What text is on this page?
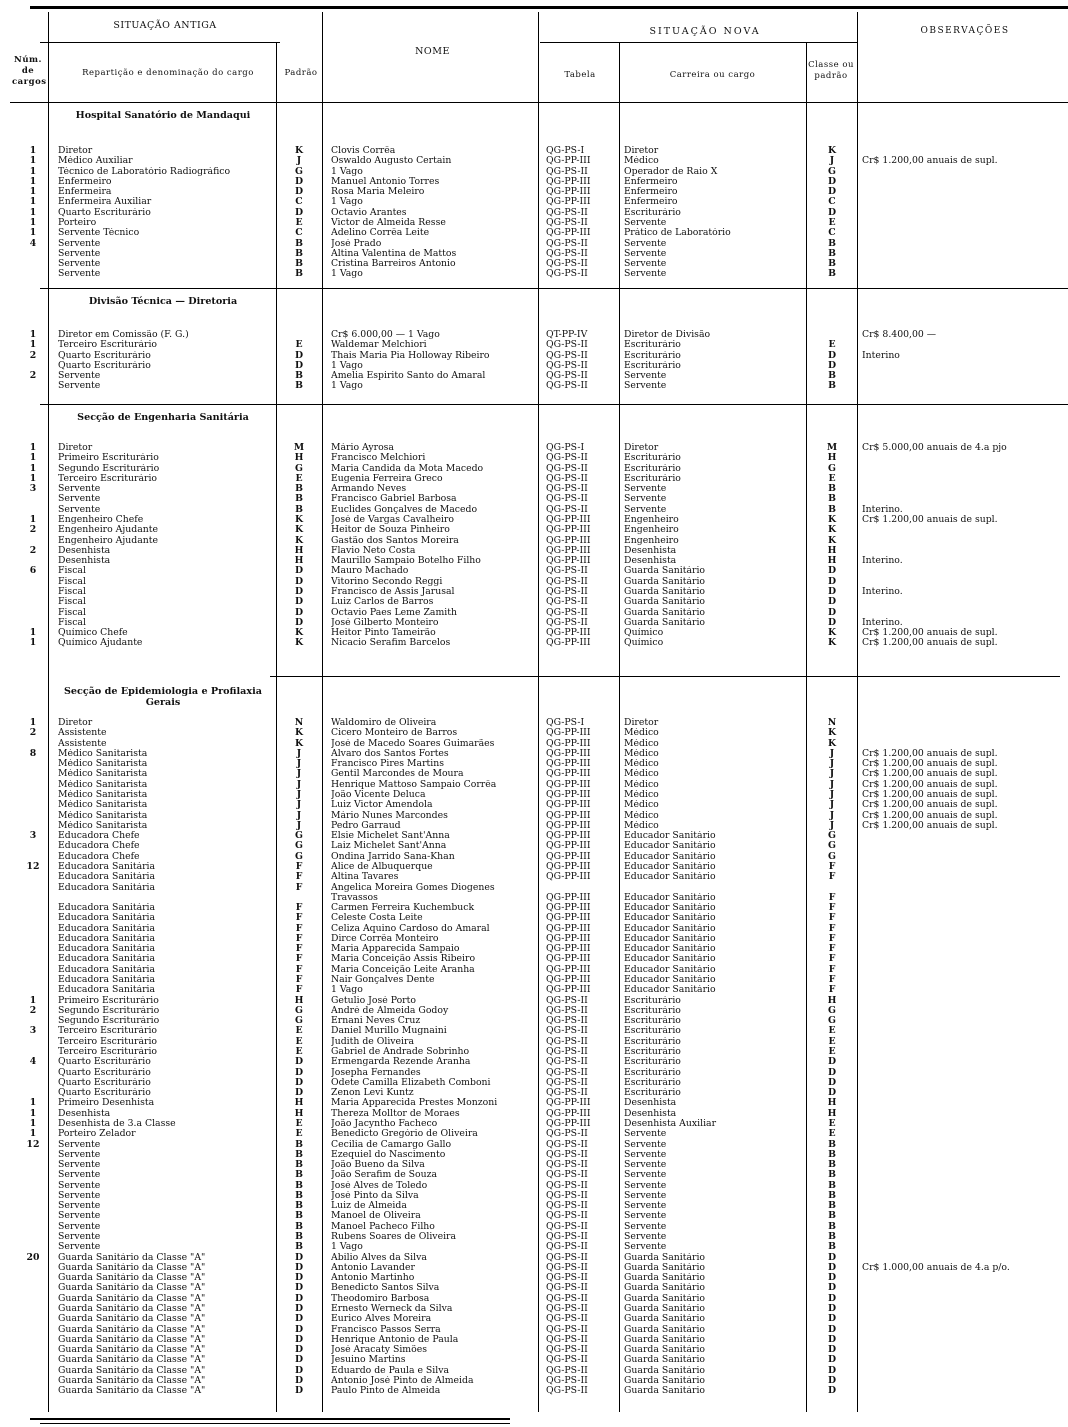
SITUAÇÃO ANTIGA
SITUAÇÃO NOVA	OBSERVAÇÕES
Núm. de cargos
Repartição e denominação do cargo	Padrão
NOME
Tabela	Carreira ou cargo
Classe ou padrão
Hospital Sanatório de Mandaqui
1	Diretor	K	Clovis Corrêa	QG-PS-I	Diretor	K
1	Médico Auxiliar	J	Oswaldo Augusto Certain	QG-PP-III	Médico	J	Cr$ 1.200,00 anuais de supl.
1	Técnico de Laboratório Radiográfico	G	1 Vago	QG-PS-II	Operador de Raio X	G
1	Enfermeiro	D	Manuel Antonio Torres	QG-PP-III	Enfermeiro	D
1	Enfermeira	D	Rosa Maria Meleiro	QG-PP-III	Enfermeiro	D
1	Enfermeira Auxiliar	C	1 Vago	QG-PP-III	Enfermeiro	C
1	Quarto Escriturário	D	Octavio Arantes	QG-PS-II	Escriturário	D
1	Porteiro	E	Victor de Almeida Resse	QG-PS-II	Servente	E
1	Servente Técnico	C	Adelino Corrêa Leite	QG-PP-III	Prático de Laboratório	C
4	Servente	B	José Prado	QG-PS-II	Servente	B
Servente	B	Altina Valentina de Mattos	QG-PS-II	Servente	B
Servente	B	Cristina Barreiros Antonio	QG-PS-II	Servente	B
Servente	B	1 Vago	QG-PS-II	Servente	B
Divisão Técnica — Diretoria
1	Diretor em Comissão (F. G.)	Cr$ 6.000,00 — 1 Vago	QT-PP-IV	Diretor de Divisão	Cr$ 8.400,00 —
1	Terceiro Escriturário	E	Waldemar Melchiori	QG-PS-II	Escriturário	E
2	Quarto Escriturário	D	Thais Maria Pia Holloway Ribeiro	QG-PS-II	Escriturário	D	Interino
Quarto Escriturário	D	1 Vago	QG-PS-II	Escriturário	D
2	Servente	B	Amelia Espirito Santo do Amaral	QG-PS-II	Servente	B
Servente	B	1 Vago	QG-PS-II	Servente	B
Secção de Engenharia Sanitária
1	Diretor	M	Mário Ayrosa	QG-PS-I	Diretor	M	Cr$ 5.000,00 anuais de 4.a pjo
1	Primeiro Escriturário	H	Francisco Melchiori	QG-PS-II	Escriturário	H
1	Segundo Escriturário	G	Maria Candida da Mota Macedo	QG-PS-II	Escriturário	G
1	Terceiro Escriturário	E	Eugenia Ferreira Greco	QG-PS-II	Escriturário	E
3	Servente	B	Armando Neves	QG-PS-II	Servente	B
Servente	B	Francisco Gabriel Barbosa	QG-PS-II	Servente	B
Servente	B	Euclides Gonçalves de Macedo	QG-PS-II	Servente	B	Interino.
1	Engenheiro Chefe	K	José de Vargas Cavalheiro	QG-PP-III	Engenheiro	K	Cr$ 1.200,00 anuais de supl.
2	Engenheiro Ajudante	K	Heitor de Souza Pinheiro	QG-PP-III	Engenheiro	K
Engenheiro Ajudante	K	Gastão dos Santos Moreira	QG-PP-III	Engenheiro	K
2	Desenhista	H	Flavio Neto Costa	QG-PP-III	Desenhista	H
Desenhista	H	Maurillo Sampaio Botelho Filho	QG-PP-III	Desenhista	H	Interino.
6	Fiscal	D	Mauro Machado	QG-PS-II	Guarda Sanitário	D
Fiscal	D	Vitorino Secondo Reggi	QG-PS-II	Guarda Sanitário	D
Fiscal	D	Francisco de Assis Jarusal	QG-PS-II	Guarda Sanitário	D	Interino.
Fiscal	D	Luiz Carlos de Barros	QG-PS-II	Guarda Sanitário	D
Fiscal	D	Octavio Paes Leme Zamith	QG-PS-II	Guarda Sanitário	D
Fiscal	D	José Gilberto Monteiro	QG-PS-II	Guarda Sanitário	D	Interino.
1	Químico Chefe	K	Heitor Pinto Tameirão	QG-PP-III	Químico	K	Cr$ 1.200,00 anuais de supl.
1	Químico Ajudante	K	Nicacio Serafim Barcelos	QG-PP-III	Químico	K	Cr$ 1.200,00 anuais de supl.
Secção de Epidemiologia e Profilaxia Gerais
1	Diretor	N	Waldomiro de Oliveira	QG-PS-I	Diretor	N
2	Assistente	K	Cicero Monteiro de Barros	QG-PP-III	Médico	K
Assistente	K	José de Macedo Soares Guimarães	QG-PP-III	Médico	K
8	Médico Sanitarista	J	Alvaro dos Santos Fortes	QG-PP-III	Médico	J	Cr$ 1.200,00 anuais de supl.
Médico Sanitarista	J	Francisco Pires Martins	QG-PP-III	Médico	J	Cr$ 1.200,00 anuais de supl.
Médico Sanitarista	J	Gentil Marcondes de Moura	QG-PP-III	Médico	J	Cr$ 1.200,00 anuais de supl.
Médico Sanitarista	J	Henrique Mattoso Sampaio Corrêa	QG-PP-III	Médico	J	Cr$ 1.200,00 anuais de supl.
Médico Sanitarista	J	João Vicente Deluca	QG-PP-III	Médico	J	Cr$ 1.200,00 anuais de supl.
Médico Sanitarista	J	Luiz Victor Amendola	QG-PP-III	Médico	J	Cr$ 1.200,00 anuais de supl.
Médico Sanitarista	J	Mário Nunes Marcondes	QG-PP-III	Médico	J	Cr$ 1.200,00 anuais de supl.
Médico Sanitarista	J	Pedro Garraud	QG-PP-III	Médico	J	Cr$ 1.200,00 anuais de supl.
3	Educadora Chefe	G	Elsie Michelet Sant'Anna	QG-PP-III	Educador Sanitário	G
Educadora Chefe	G	Laiz Michelet Sant'Anna	QG-PP-III	Educador Sanitário	G
Educadora Chefe	G	Ondina Jarrido Sana-Khan	QG-PP-III	Educador Sanitário	G
12	Educadora Sanitária	F	Alice de Albuquerque	QG-PP-III	Educador Sanitário	F
Educadora Sanitária	F	Altina Tavares	QG-PP-III	Educador Sanitário	F
Educadora Sanitária	F	Angelica Moreira Gomes Diogenes
Travassos	QG-PP-III	Educador Sanitário	F
Educadora Sanitária	F	Carmen Ferreira Kuchembuck	QG-PP-III	Educador Sanitário	F
Educadora Sanitária	F	Celeste Costa Leite	QG-PP-III	Educador Sanitário	F
Educadora Sanitária	F	Celiza Aquino Cardoso do Amaral	QG-PP-III	Educador Sanitário	F
Educadora Sanitária	F	Dirce Corrêa Monteiro	QG-PP-III	Educador Sanitário	F
Educadora Sanitária	F	Maria Apparecida Sampaio	QG-PP-III	Educador Sanitário	F
Educadora Sanitária	F	Maria Conceição Assis Ribeiro	QG-PP-III	Educador Sanitário	F
Educadora Sanitária	F	Maria Conceição Leite Aranha	QG-PP-III	Educador Sanitário	F
Educadora Sanitária	F	Nair Gonçalves Dente	QG-PP-III	Educador Sanitário	F
Educadora Sanitária	F	1 Vago	QG-PP-III	Educador Sanitário	F
1	Primeiro Escriturário	H	Getulio José Porto	QG-PS-II	Escriturário	H
2	Segundo Escriturário	G	André de Almeida Godoy	QG-PS-II	Escriturário	G
Segundo Escriturário	G	Ernani Neves Cruz	QG-PS-II	Escriturário	G
3	Terceiro Escriturário	E	Daniel Murillo Mugnaini	QG-PS-II	Escriturário	E
Terceiro Escriturário	E	Judith de Oliveira	QG-PS-II	Escriturário	E
Terceiro Escriturário	E	Gabriel de Andrade Sobrinho	QG-PS-II	Escriturário	E
4	Quarto Escriturário	D	Ermengarda Rezende Aranha	QG-PS-II	Escriturário	D
Quarto Escriturário	D	Josepha Fernandes	QG-PS-II	Escriturário	D
Quarto Escriturário	D	Odete Camilla Elizabeth Comboni	QG-PS-II	Escriturário	D
Quarto Escriturário	D	Zenon Levi Kuntz	QG-PS-II	Escriturário	D
1	Primeiro Desenhista	H	Maria Apparecida Prestes Monzoni	QG-PP-III	Desenhista	H
1	Desenhista	H	Thereza Molltor de Moraes	QG-PP-III	Desenhista	H
1	Desenhista de 3.a Classe	E	João Jacyntho Facheco	QG-PP-III	Desenhista Auxiliar	E
1	Porteiro Zelador	E	Benedicto Gregório de Oliveira	QG-PS-II	Servente	E
12	Servente	B	Cecilia de Camargo Gallo	QG-PS-II	Servente	B
Servente	B	Ezequiel do Nascimento	QG-PS-II	Servente	B
Servente	B	João Bueno da Silva	QG-PS-II	Servente	B
Servente	B	João Serafim de Souza	QG-PS-II	Servente	B
Servente	B	José Alves de Toledo	QG-PS-II	Servente	B
Servente	B	José Pinto da Silva	QG-PS-II	Servente	B
Servente	B	Luiz de Almeida	QG-PS-II	Servente	B
Servente	B	Manoel de Oliveira	QG-PS-II	Servente	B
Servente	B	Manoel Pacheco Filho	QG-PS-II	Servente	B
Servente	B	Rubens Soares de Oliveira	QG-PS-II	Servente	B
Servente	B	1 Vago	QG-PS-II	Servente	B
20	Guarda Sanitário da Classe "A"	D	Abilio Alves da Silva	QG-PS-II	Guarda Sanitário	D
Guarda Sanitário da Classe "A"	D	Antonio Lavander	QG-PS-II	Guarda Sanitário	D	Cr$ 1.000,00 anuais de 4.a p/o.
Guarda Sanitário da Classe "A"	D	Antonio Martinho	QG-PS-II	Guarda Sanitário	D
Guarda Sanitário da Classe "A"	D	Benedicto Santos Silva	QG-PS-II	Guarda Sanitário	D
Guarda Sanitário da Classe "A"	D	Theodomiro Barbosa	QG-PS-II	Guarda Sanitário	D
Guarda Sanitário da Classe "A"	D	Ernesto Werneck da Silva	QG-PS-II	Guarda Sanitário	D
Guarda Sanitário da Classe "A"	D	Eurico Alves Moreira	QG-PS-II	Guarda Sanitário	D
Guarda Sanitário da Classe "A"	D	Francisco Passos Serra	QG-PS-II	Guarda Sanitário	D
Guarda Sanitário da Classe "A"	D	Henrique Antonio de Paula	QG-PS-II	Guarda Sanitário	D
Guarda Sanitário da Classe "A"	D	José Aracaty Simões	QG-PS-II	Guarda Sanitário	D
Guarda Sanitário da Classe "A"	D	Jesuino Martins	QG-PS-II	Guarda Sanitário	D
Guarda Sanitário da Classe "A"	D	Eduardo de Paula e Silva	QG-PS-II	Guarda Sanitário	D
Guarda Sanitário da Classe "A"	D	Antonio José Pinto de Almeida	QG-PS-II	Guarda Sanitário	D
Guarda Sanitário da Classe "A"	D	Paulo Pinto de Almeida	QG-PS-II	Guarda Sanitário	D
